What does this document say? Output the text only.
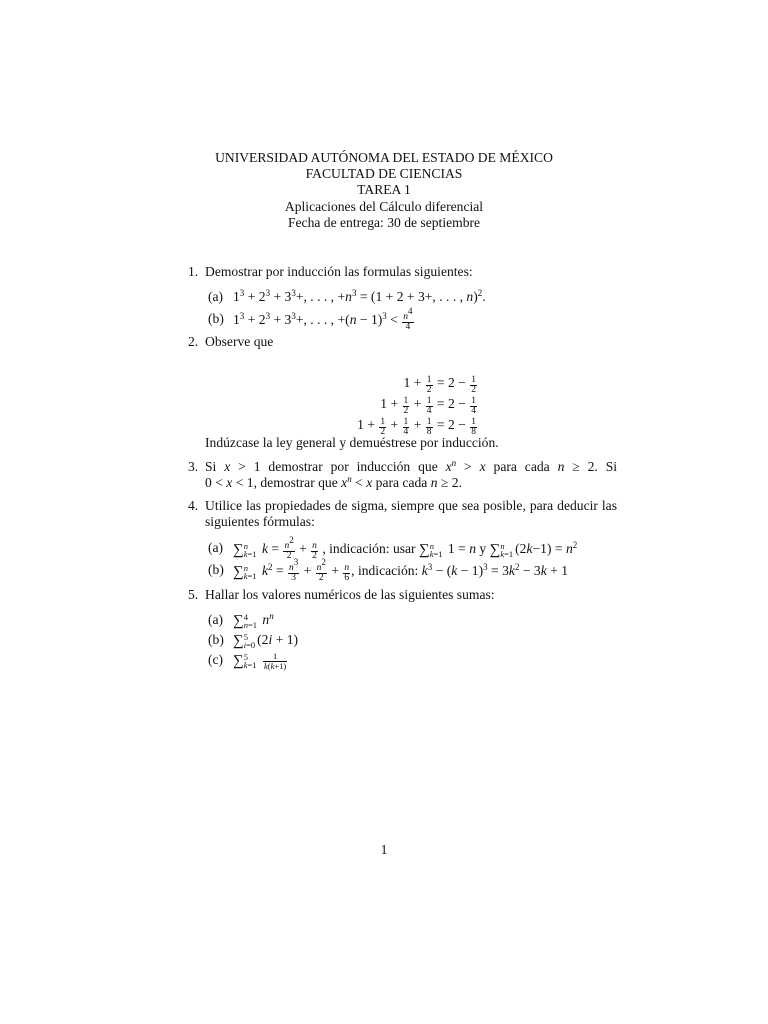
UNIVERSIDAD AUTÓNOMA DEL ESTADO DE MÉXICO
FACULTAD DE CIENCIAS
TAREA 1
Aplicaciones del Cálculo diferencial
Fecha de entrega: 30 de septiembre
1. Demostrar por inducción las formulas siguientes:
(a) $1^3 + 2^3 + 3^3+$, . . . , $+n^3 = (1 + 2 + 3+$, . . . , n)$^2$.
(b) $1^3 + 2^3 + 3^3+$, . . . , $+(n - 1)^3 < \frac{n^4}{4}$
2. Observe que
$1 + \frac{1}{2} = 2 - \frac{1}{2}$
$1 + \frac{1}{2} + \frac{1}{4} = 2 - \frac{1}{4}$
$1 + \frac{1}{2} + \frac{1}{4} + \frac{1}{8} = 2 - \frac{1}{8}$
Indúzcase la ley general y demuéstrese por inducción.
3. Si x > 1 demostrar por inducción que $x^n > x$ para cada n ≥ 2. Si
0 < x < 1, demostrar que $x^n < x$ para cada n ≥ 2.
4. Utilice las propiedades de sigma, siempre que sea posible, para deducir las
siguientes fórmulas:
(a) ∑ n
k=1 $k = \frac{n^2}{2} + \frac{n}{2}$ , indicación: usar ∑ n
k=1 1 = n y ∑ n
k=1 $(2k-1) = n^2$
(b) ∑ n
k=1 $k^2 = \frac{n^3}{3} + \frac{n^2}{2} + \frac{n}{6}$ , indicación: $k^3 - (k - 1)^3 = 3k^2 - 3k + 1$
5. Hallar los valores numéricos de las siguientes sumas:
(a) ∑ 4
n=1 $n^n$
(b) ∑ 5
i=0 (2i + 1)
(c) ∑ 5
k=1
$\frac{1}{k(k+1)}$
1
